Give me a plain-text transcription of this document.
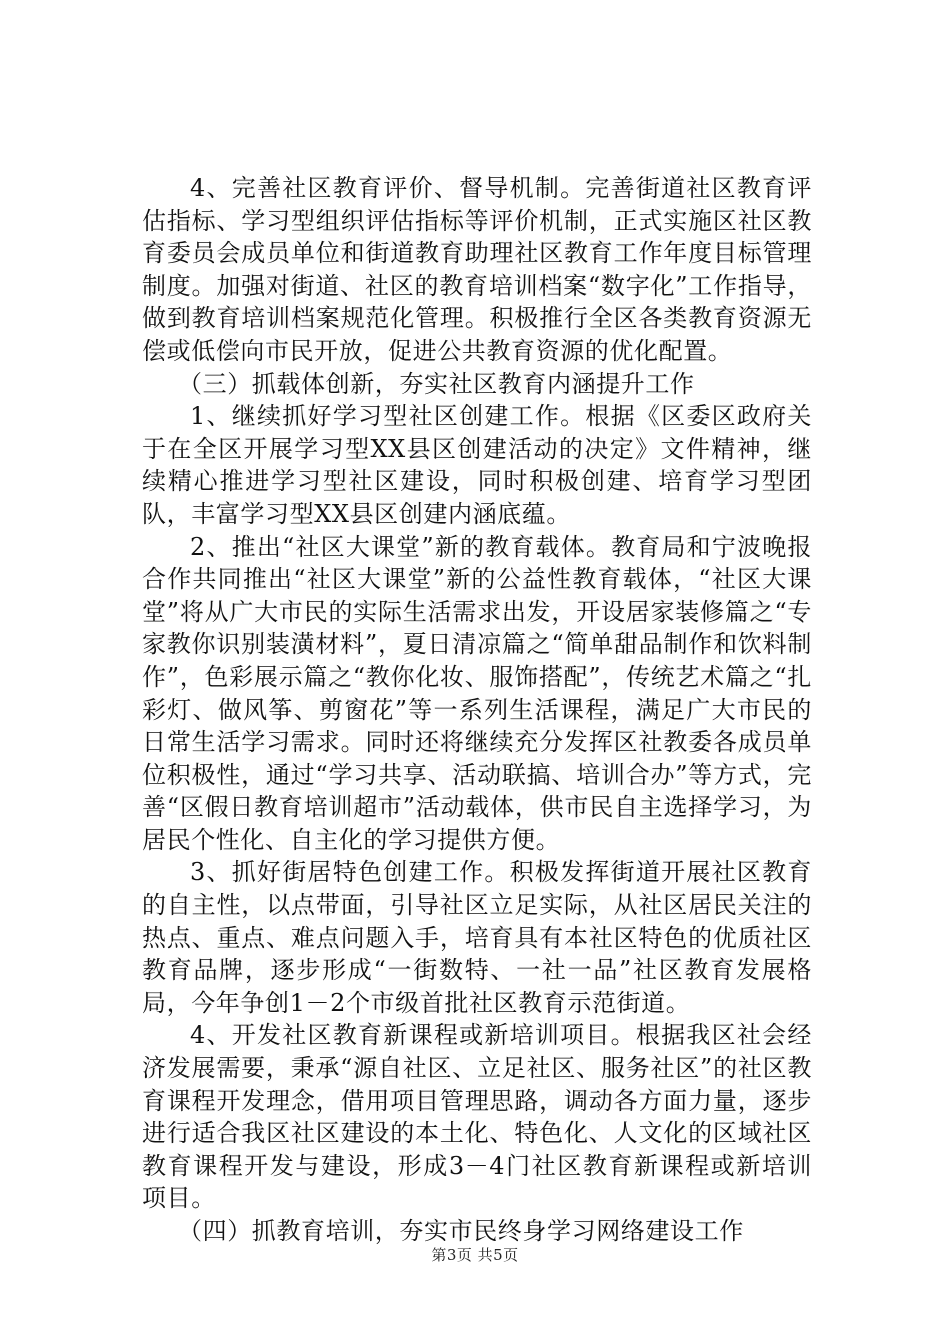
4、完善社区教育评价、督导机制。完善街道社区教育评估指标、学习型组织评估指标等评价机制，正式实施区社区教育委员会成员单位和街道教育助理社区教育工作年度目标管理制度。加强对街道、社区的教育培训档案“数字化”工作指导，做到教育培训档案规范化管理。积极推行全区各类教育资源无偿或低偿向市民开放，促进公共教育资源的优化配置。

（三）抓载体创新，夯实社区教育内涵提升工作

1、继续抓好学习型社区创建工作。根据《区委区政府关于在全区开展学习型XX县区创建活动的决定》文件精神，继续精心推进学习型社区建设，同时积极创建、培育学习型团队，丰富学习型XX县区创建内涵底蕴。

2、推出“社区大课堂”新的教育载体。教育局和宁波晚报合作共同推出“社区大课堂”新的公益性教育载体，“社区大课堂”将从广大市民的实际生活需求出发，开设居家装修篇之“专家教你识别装潢材料”，夏日清凉篇之“简单甜品制作和饮料制作”，色彩展示篇之“教你化妆、服饰搭配”，传统艺术篇之“扎彩灯、做风筝、剪窗花”等一系列生活课程，满足广大市民的日常生活学习需求。同时还将继续充分发挥区社教委各成员单位积极性，通过“学习共享、活动联搞、培训合办”等方式，完善“区假日教育培训超市”活动载体，供市民自主选择学习，为居民个性化、自主化的学习提供方便。

3、抓好街居特色创建工作。积极发挥街道开展社区教育的自主性，以点带面，引导社区立足实际，从社区居民关注的热点、重点、难点问题入手，培育具有本社区特色的优质社区教育品牌，逐步形成“一街数特、一社一品”社区教育发展格局，今年争创1－2个市级首批社区教育示范街道。

4、开发社区教育新课程或新培训项目。根据我区社会经济发展需要，秉承“源自社区、立足社区、服务社区”的社区教育课程开发理念，借用项目管理思路，调动各方面力量，逐步进行适合我区社区建设的本土化、特色化、人文化的区域社区教育课程开发与建设，形成3－4门社区教育新课程或新培训项目。

（四）抓教育培训，夯实市民终身学习网络建设工作

第3页 共5页
